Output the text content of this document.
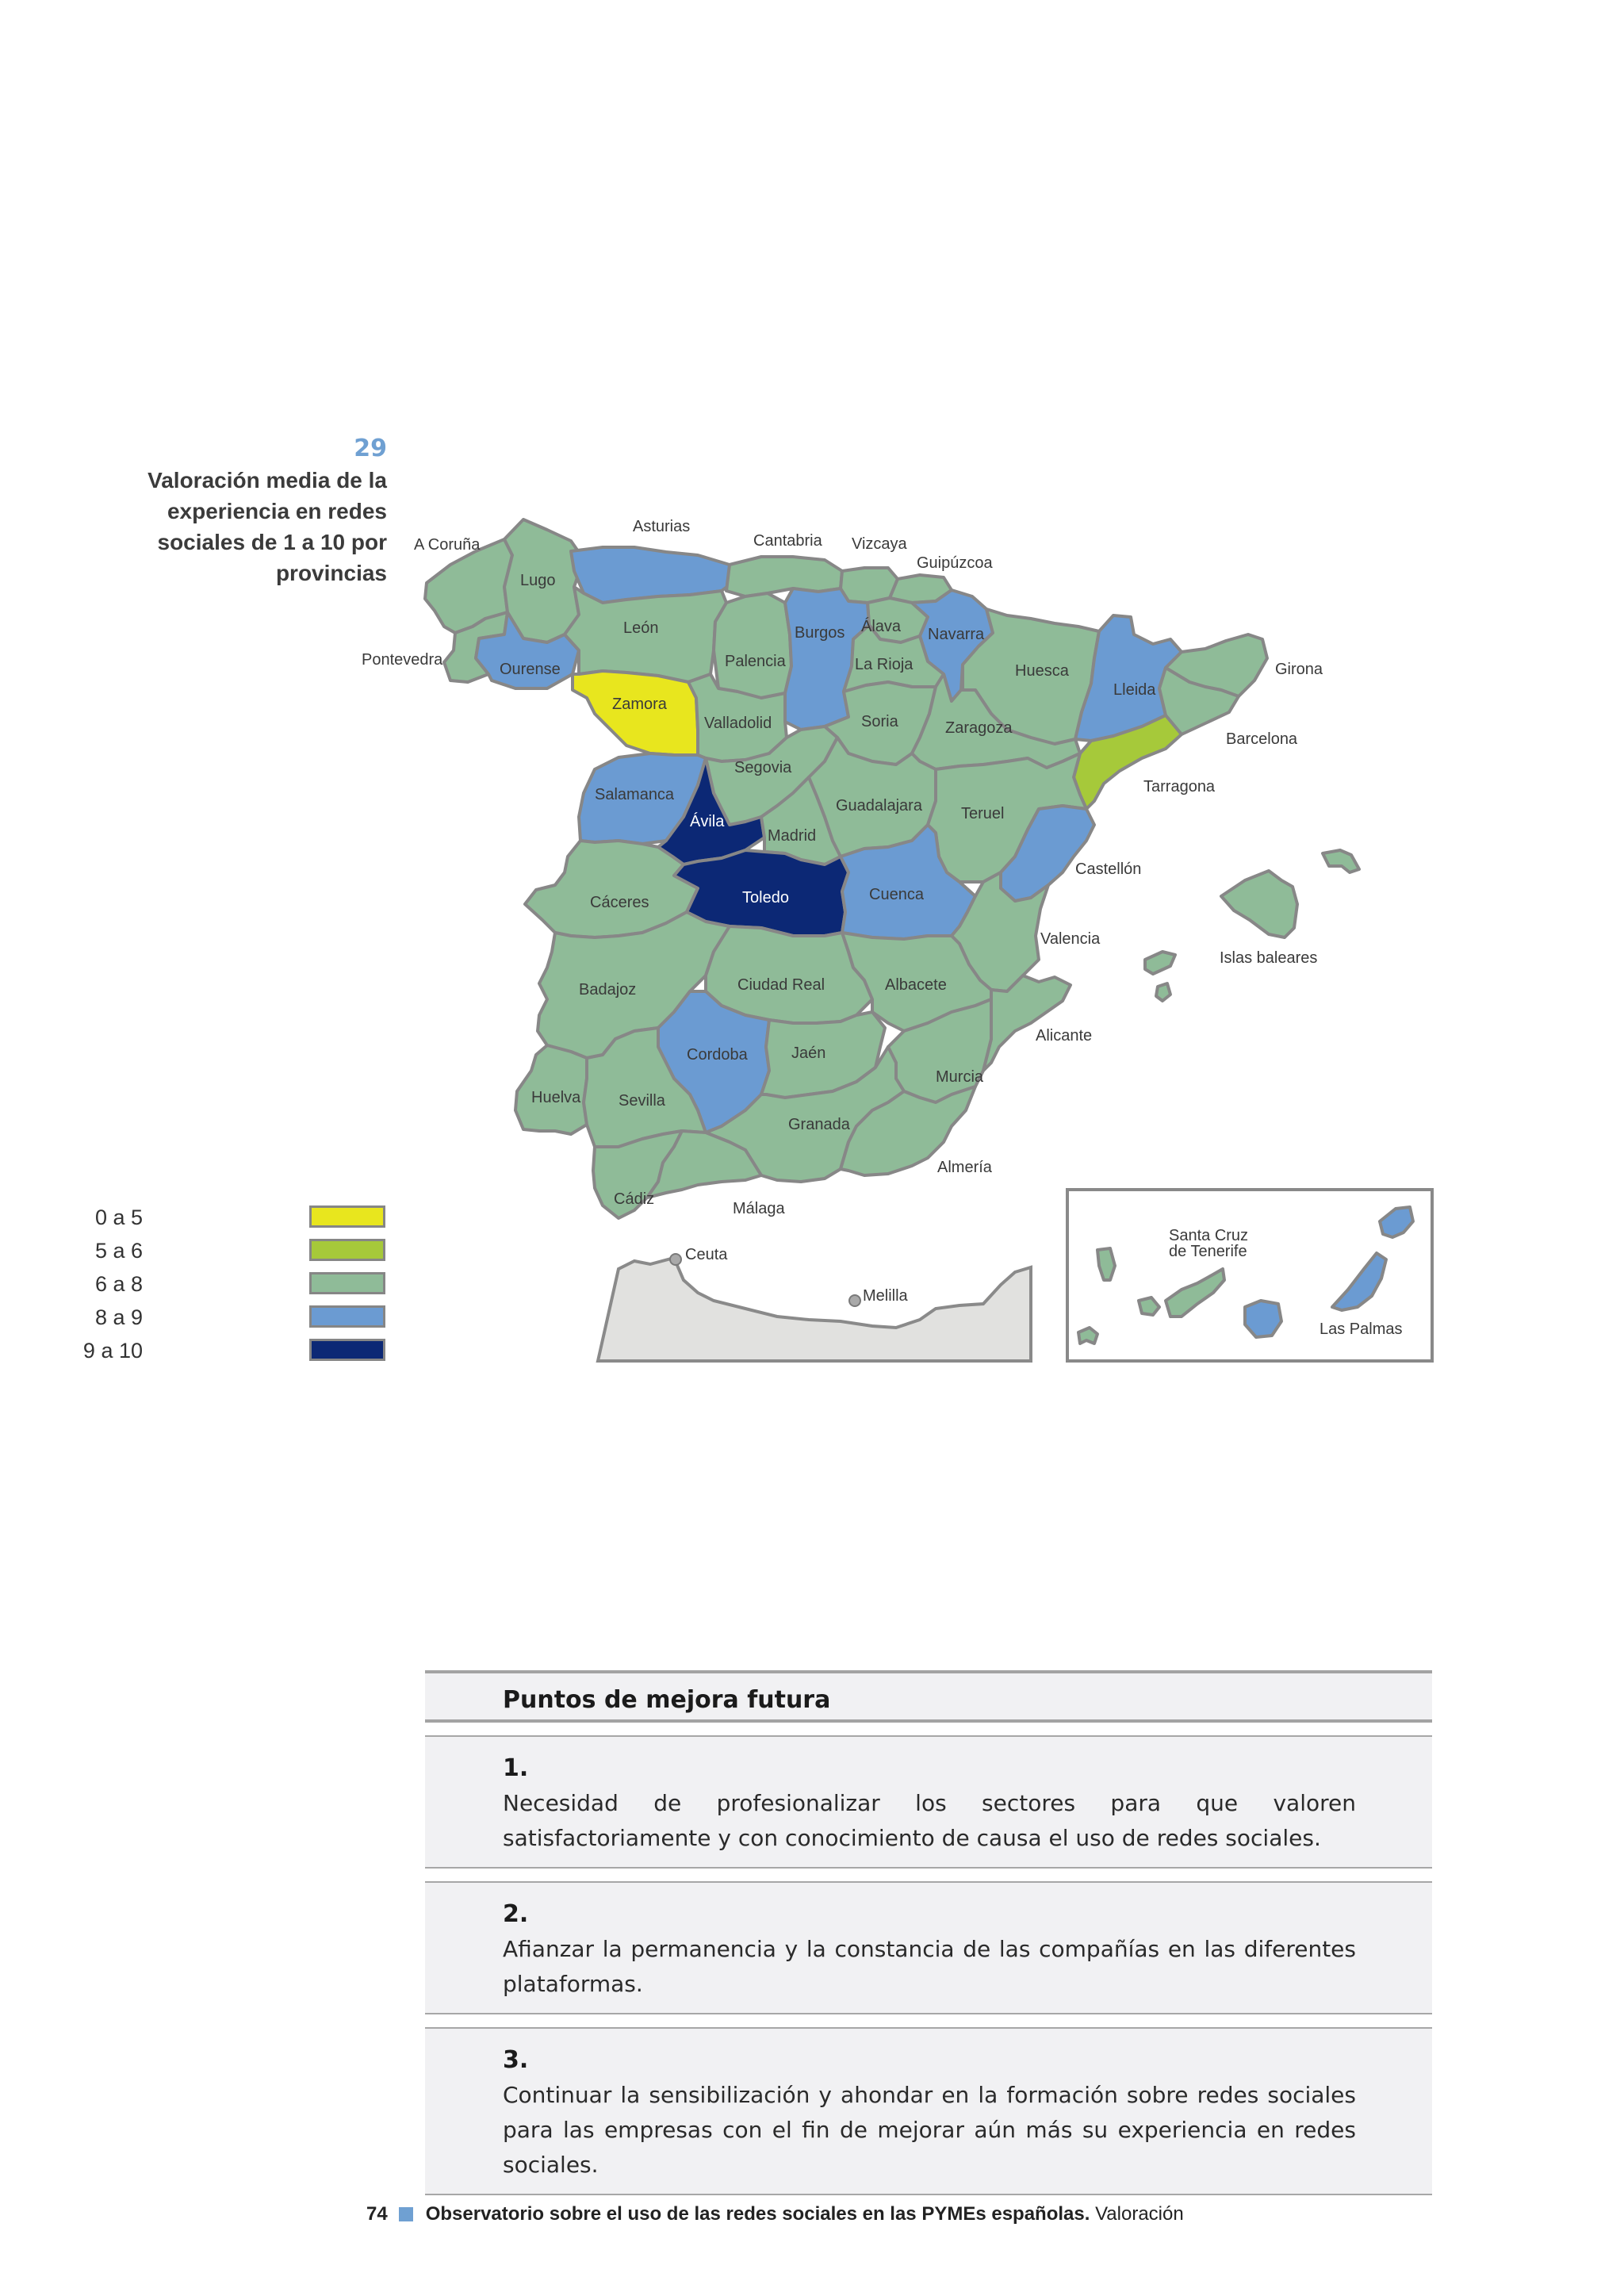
29
Valoración media de la experiencia en redes sociales de 1 a 10 por provincias
0 a 5
5 a 6
6 a 8
8 a 9
9 a 10
A Coruña
Lugo
Pontevedra
Ourense
Asturias
Cantabria Vizcaya
Guipúzcoa
Álava Navarra
León
Palencia
Burgos
La Rioja	Huesca
Lleida
Girona
Barcelona
Tarragona
Zamora
Valladolid	Soria	Zaragoza
Segovia
Salamanca
Ávila
Madrid
Guadalajara Teruel
Castellón
Cáceres	Toledo	Cuenca
Valencia
Islas baleares
Badajoz	Ciudad Real	Albacete
Alicante
Cordoba	Jaén
Murcia
Huelva Sevilla
Granada
Almería
Cádiz
Málaga
Ceuta
Melilla
Santa Cruz
de Tenerife
Las Palmas
Puntos de mejora futura
1.
Necesidad de profesionalizar los sectores para que valoren satisfactoriamente y con conocimiento de causa el uso de redes sociales.
2.
Afianzar la permanencia y la constancia de las compañías en las diferentes plataformas.
3.
Continuar la sensibilización y ahondar en la formación sobre redes sociales para las empresas con el fin de mejorar aún más su experiencia en redes sociales.
74 Observatorio sobre el uso de las redes sociales en las PYMEs españolas. Valoración
